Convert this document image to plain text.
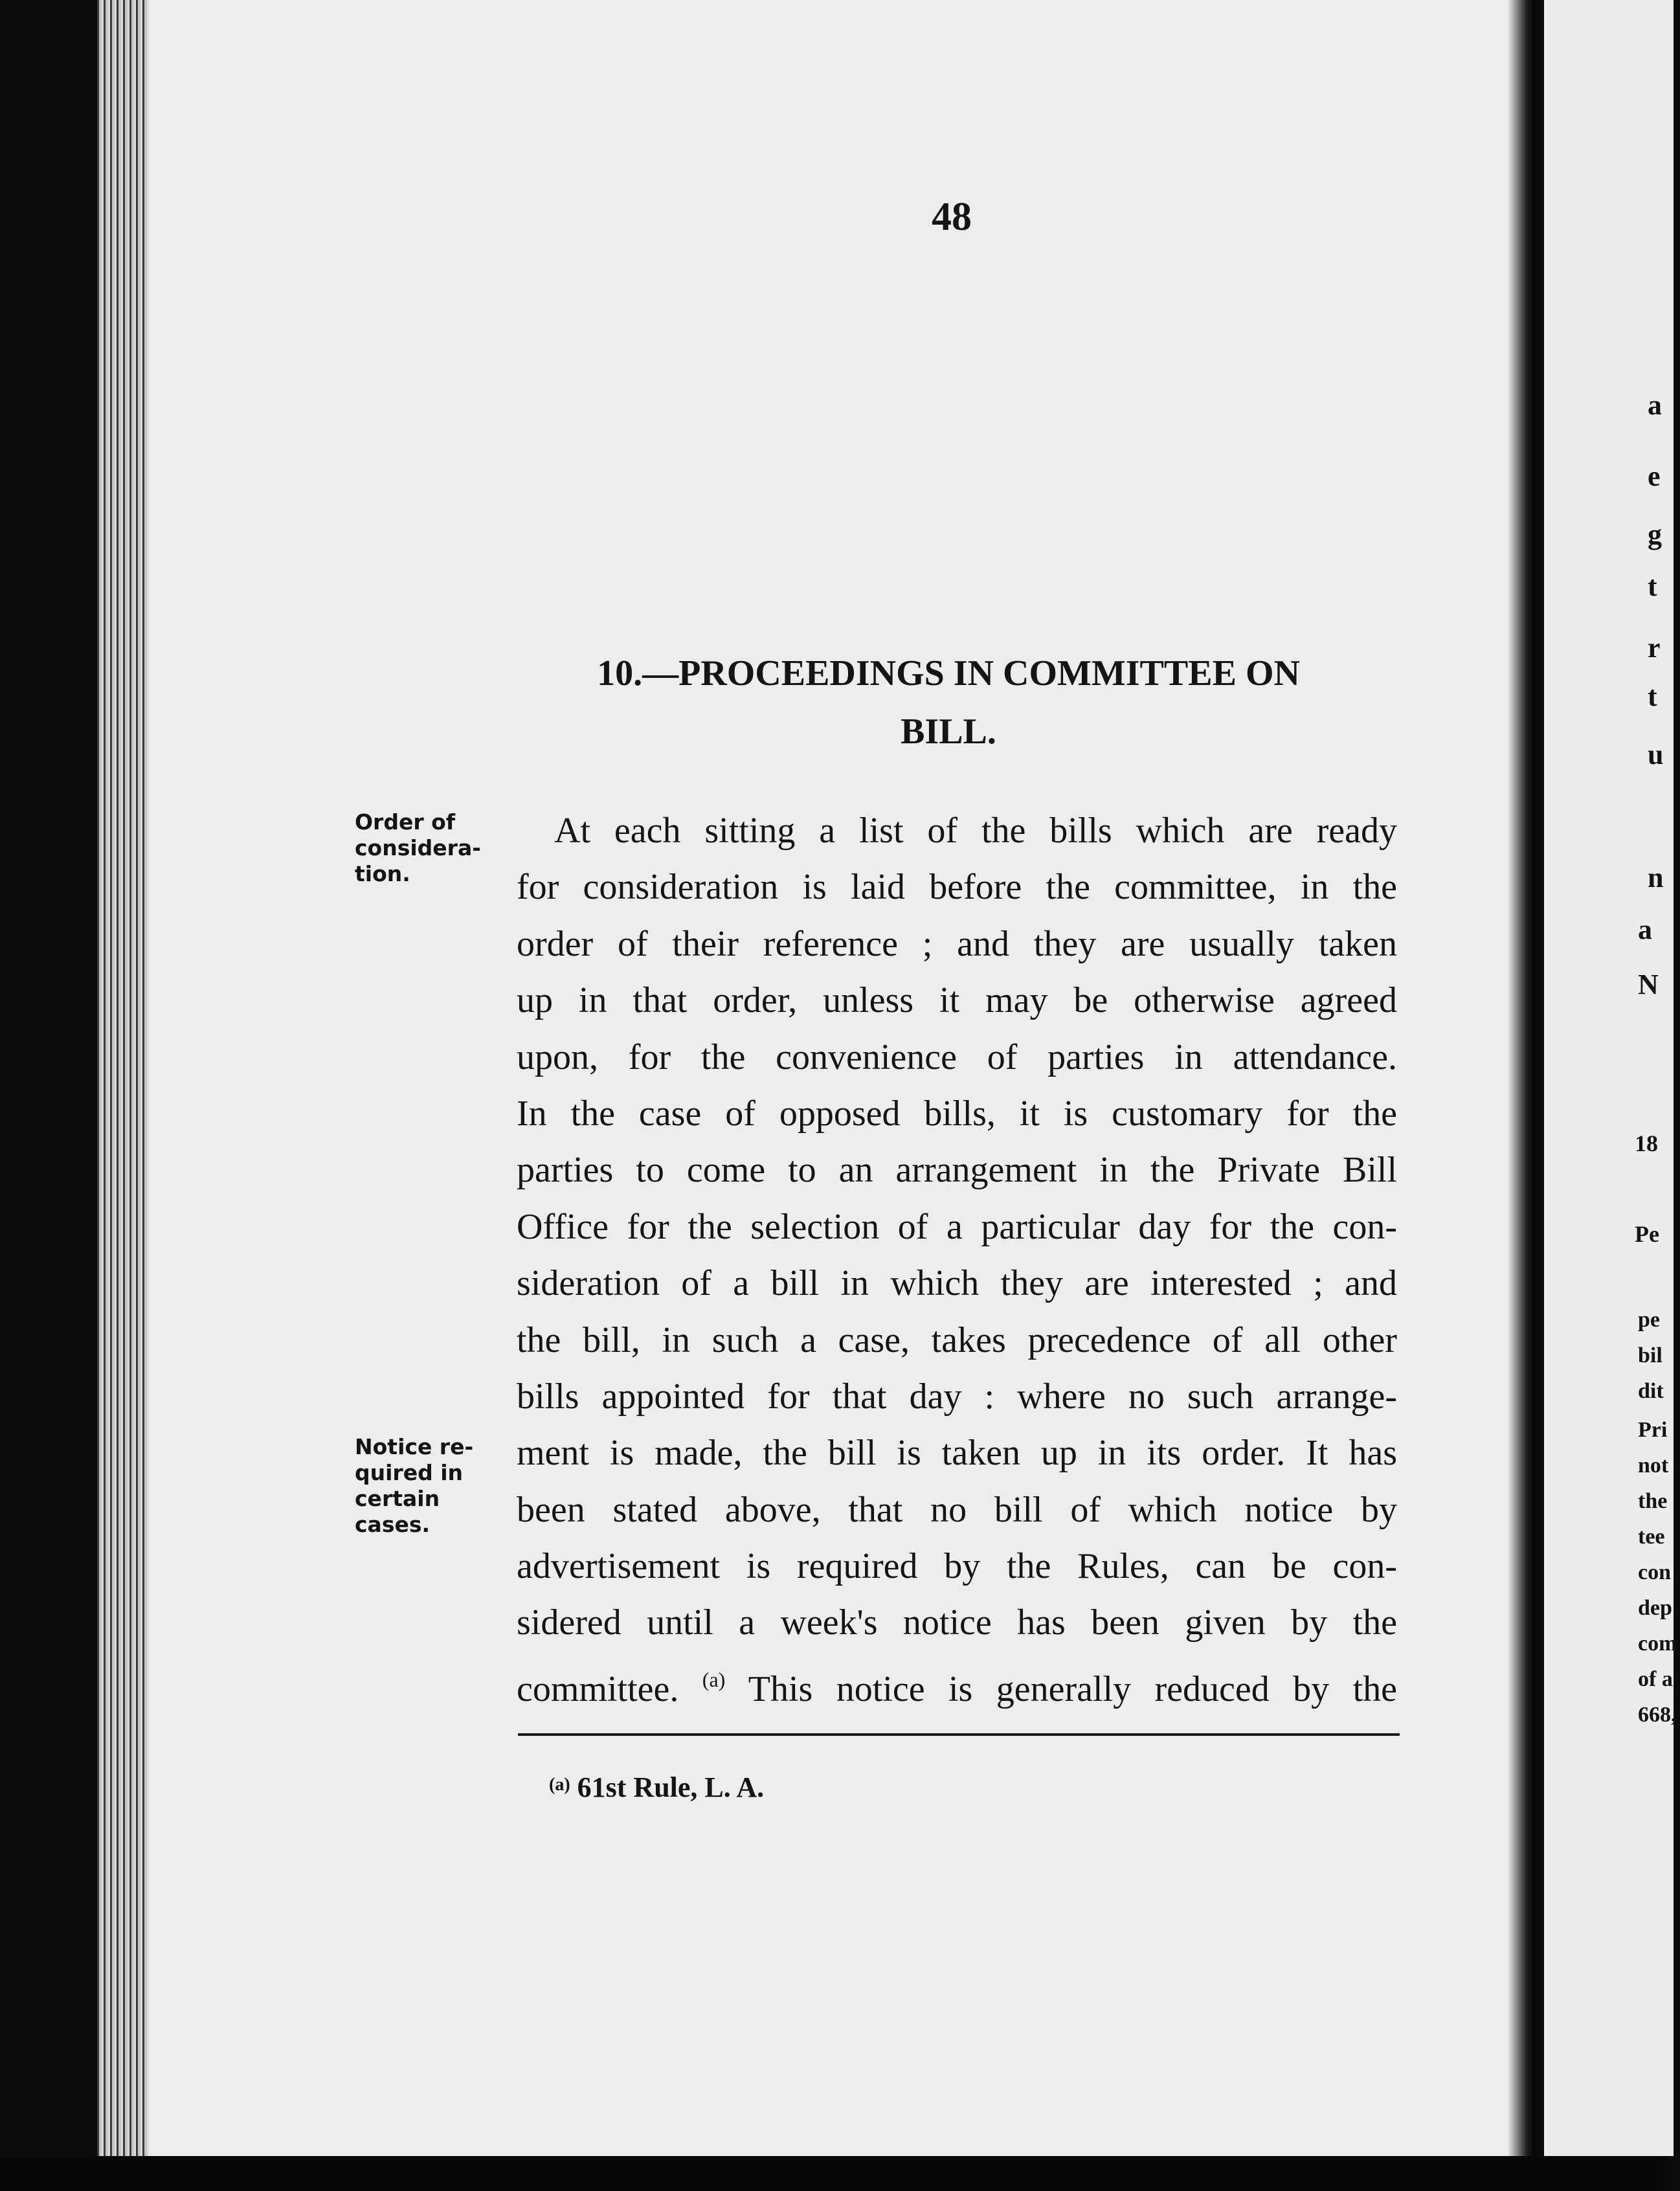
48
10.—PROCEEDINGS IN COMMITTEE ON
BILL.
Order of
considera-
tion.
Notice re-
quired in
certain
cases.
At each sitting a list of the bills which are ready
for consideration is laid before the committee, in the
order of their reference ; and they are usually taken
up in that order, unless it may be otherwise agreed
upon, for the convenience of parties in attendance.
In the case of opposed bills, it is customary for the
parties to come to an arrangement in the Private Bill
Office for the selection of a particular day for the con-
sideration of a bill in which they are interested ; and
the bill, in such a case, takes precedence of all other
bills appointed for that day : where no such arrange-
ment is made, the bill is taken up in its order. It has
been stated above, that no bill of which notice by
advertisement is required by the Rules, can be con-
sidered until a week's notice has been given by the
committee. $^{(a)}$ This notice is generally reduced by the
$^{(a)}$ 61st Rule, L. A.
a
e
g
t
r
t
u
n
a
N
18
Pe
pe
bil
dit
Pri
not
the
tee
con
dep
com
of a
668,
